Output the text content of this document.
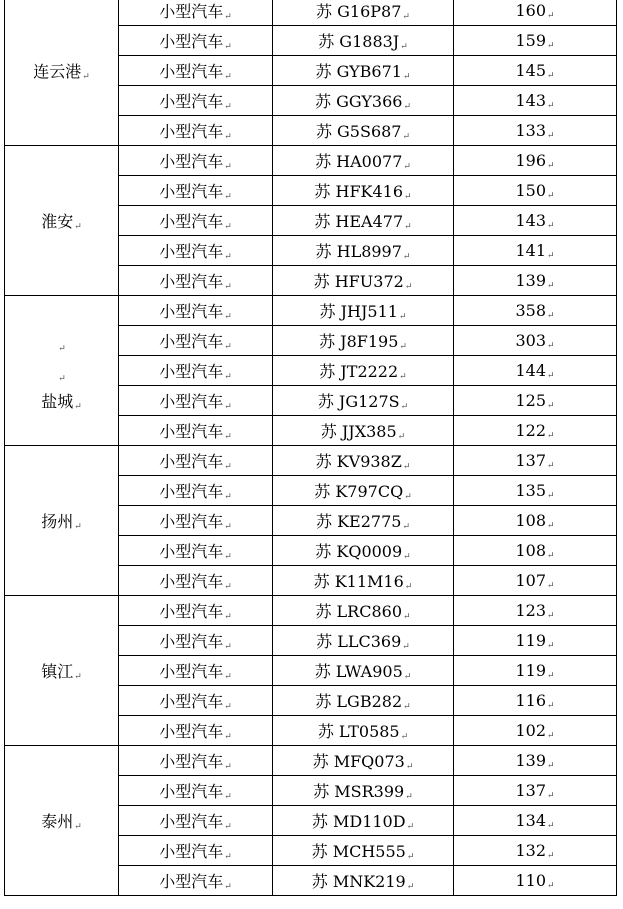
连云港↵	小型汽车↵	苏 G16P87↵	160↵
	小型汽车↵	苏 G1883J↵	159↵
	小型汽车↵	苏 GYB671↵	145↵
	小型汽车↵	苏 GGY366↵	143↵
	小型汽车↵	苏 G5S687↵	133↵

淮安↵	小型汽车↵	苏 HA0077↵	196↵
	小型汽车↵	苏 HFK416↵	150↵
	小型汽车↵	苏 HEA477↵	143↵
	小型汽车↵	苏 HL8997↵	141↵
	小型汽车↵	苏 HFU372↵	139↵

↵
↵
盐城↵	小型汽车↵	苏 JHJ511↵	358↵
	小型汽车↵	苏 J8F195↵	303↵
	小型汽车↵	苏 JT2222↵	144↵
	小型汽车↵	苏 JG127S↵	125↵
	小型汽车↵	苏 JJX385↵	122↵

扬州↵	小型汽车↵	苏 KV938Z↵	137↵
	小型汽车↵	苏 K797CQ↵	135↵
	小型汽车↵	苏 KE2775↵	108↵
	小型汽车↵	苏 KQ0009↵	108↵
	小型汽车↵	苏 K11M16↵	107↵

镇江↵	小型汽车↵	苏 LRC860↵	123↵
	小型汽车↵	苏 LLC369↵	119↵
	小型汽车↵	苏 LWA905↵	119↵
	小型汽车↵	苏 LGB282↵	116↵
	小型汽车↵	苏 LT0585↵	102↵

泰州↵	小型汽车↵	苏 MFQ073↵	139↵
	小型汽车↵	苏 MSR399↵	137↵
	小型汽车↵	苏 MD110D↵	134↵
	小型汽车↵	苏 MCH555↵	132↵
	小型汽车↵	苏 MNK219↵	110↵
